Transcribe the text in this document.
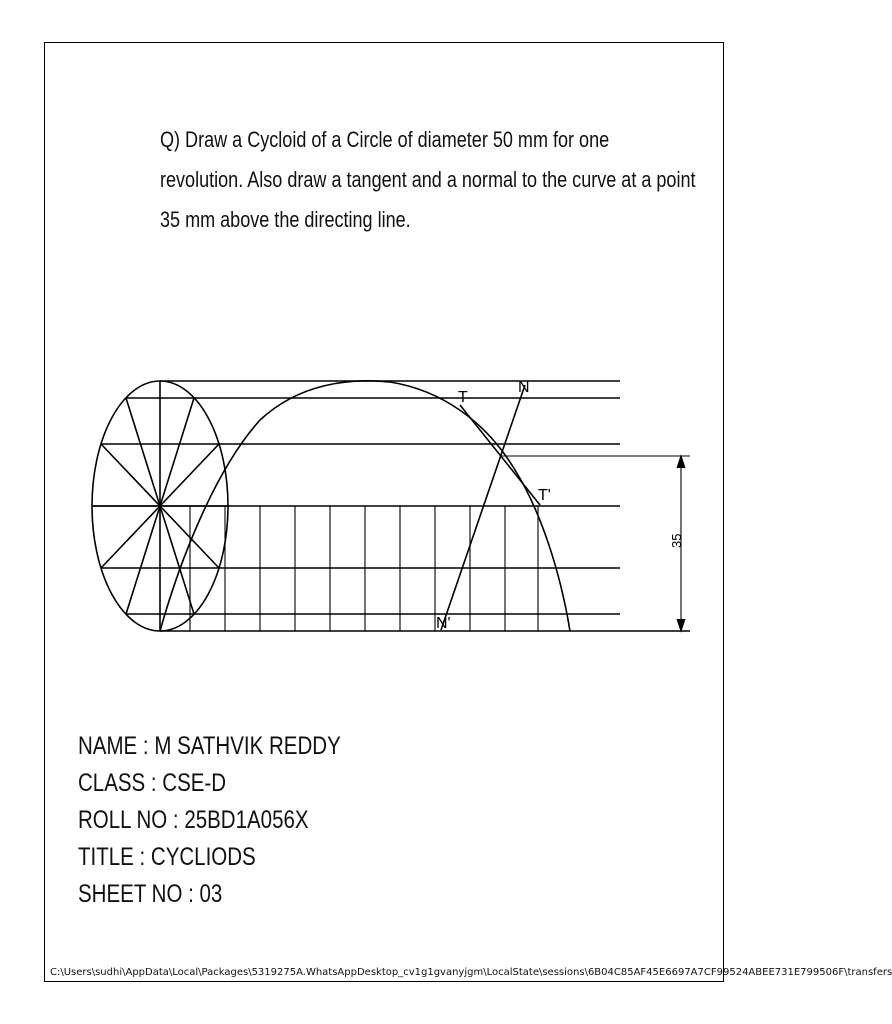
Q) Draw a Cycloid of a Circle of diameter 50 mm for one
revolution. Also draw a tangent and a normal to the curve at a point
35 mm above the directing line.
T
T'
N
N'
35
NAME : M SATHVIK REDDY
CLASS : CSE-D
ROLL NO : 25BD1A056X
TITLE : CYCLIODS
SHEET NO : 03
C:\Users\sudhi\AppData\Local\Packages\5319275A.WhatsAppDesktop_cv1g1gvanyjgm\LocalState\sessions\6B04C85AF45E6697A7CF99524ABEE731E799506F\transfers
